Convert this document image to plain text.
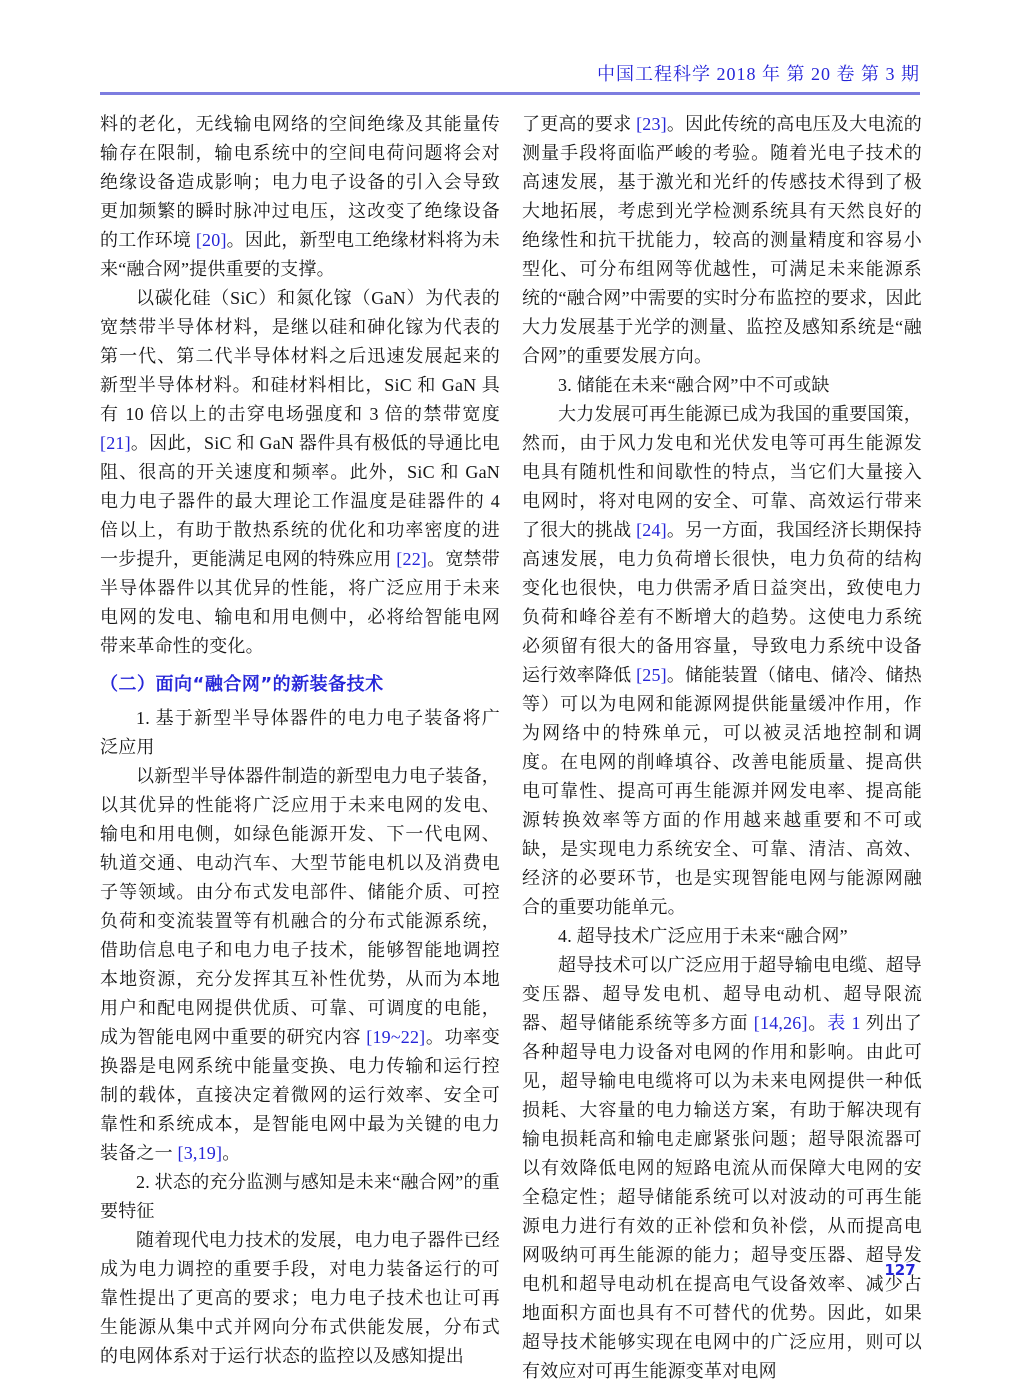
中国工程科学 2018 年 第 20 卷 第 3 期

料的老化，无线输电网络的空间绝缘及其能量传输存在限制，输电系统中的空间电荷问题将会对绝缘设备造成影响；电力电子设备的引入会导致更加频繁的瞬时脉冲过电压，这改变了绝缘设备的工作环境 [20]。因此，新型电工绝缘材料将为未来“融合网”提供重要的支撑。

以碳化硅（SiC）和氮化镓（GaN）为代表的宽禁带半导体材料，是继以硅和砷化镓为代表的第一代、第二代半导体材料之后迅速发展起来的新型半导体材料。和硅材料相比，SiC 和 GaN 具有 10 倍以上的击穿电场强度和 3 倍的禁带宽度 [21]。因此，SiC 和 GaN 器件具有极低的导通比电阻、很高的开关速度和频率。此外，SiC 和 GaN 电力电子器件的最大理论工作温度是硅器件的 4 倍以上，有助于散热系统的优化和功率密度的进一步提升，更能满足电网的特殊应用 [22]。宽禁带半导体器件以其优异的性能，将广泛应用于未来电网的发电、输电和用电侧中，必将给智能电网带来革命性的变化。

（二）面向“融合网”的新装备技术

1. 基于新型半导体器件的电力电子装备将广泛应用

以新型半导体器件制造的新型电力电子装备，以其优异的性能将广泛应用于未来电网的发电、输电和用电侧，如绿色能源开发、下一代电网、轨道交通、电动汽车、大型节能电机以及消费电子等领域。由分布式发电部件、储能介质、可控负荷和变流装置等有机融合的分布式能源系统，借助信息电子和电力电子技术，能够智能地调控本地资源，充分发挥其互补性优势，从而为本地用户和配电网提供优质、可靠、可调度的电能，成为智能电网中重要的研究内容 [19~22]。功率变换器是电网系统中能量变换、电力传输和运行控制的载体，直接决定着微网的运行效率、安全可靠性和系统成本，是智能电网中最为关键的电力装备之一 [3,19]。

2. 状态的充分监测与感知是未来“融合网”的重要特征

随着现代电力技术的发展，电力电子器件已经成为电力调控的重要手段，对电力装备运行的可靠性提出了更高的要求；电力电子技术也让可再生能源从集中式并网向分布式供能发展，分布式的电网体系对于运行状态的监控以及感知提出

了更高的要求 [23]。因此传统的高电压及大电流的测量手段将面临严峻的考验。随着光电子技术的高速发展，基于激光和光纤的传感技术得到了极大地拓展，考虑到光学检测系统具有天然良好的绝缘性和抗干扰能力，较高的测量精度和容易小型化、可分布组网等优越性，可满足未来能源系统的“融合网”中需要的实时分布监控的要求，因此大力发展基于光学的测量、监控及感知系统是“融合网”的重要发展方向。

3. 储能在未来“融合网”中不可或缺

大力发展可再生能源已成为我国的重要国策，然而，由于风力发电和光伏发电等可再生能源发电具有随机性和间歇性的特点，当它们大量接入电网时，将对电网的安全、可靠、高效运行带来了很大的挑战 [24]。另一方面，我国经济长期保持高速发展，电力负荷增长很快，电力负荷的结构变化也很快，电力供需矛盾日益突出，致使电力负荷和峰谷差有不断增大的趋势。这使电力系统必须留有很大的备用容量，导致电力系统中设备运行效率降低 [25]。储能装置（储电、储冷、储热等）可以为电网和能源网提供能量缓冲作用，作为网络中的特殊单元，可以被灵活地控制和调度。在电网的削峰填谷、改善电能质量、提高供电可靠性、提高可再生能源并网发电率、提高能源转换效率等方面的作用越来越重要和不可或缺，是实现电力系统安全、可靠、清洁、高效、经济的必要环节，也是实现智能电网与能源网融合的重要功能单元。

4. 超导技术广泛应用于未来“融合网”

超导技术可以广泛应用于超导输电电缆、超导变压器、超导发电机、超导电动机、超导限流器、超导储能系统等多方面 [14,26]。表 1 列出了各种超导电力设备对电网的作用和影响。由此可见，超导输电电缆将可以为未来电网提供一种低损耗、大容量的电力输送方案，有助于解决现有输电损耗高和输电走廊紧张问题；超导限流器可以有效降低电网的短路电流从而保障大电网的安全稳定性；超导储能系统可以对波动的可再生能源电力进行有效的正补偿和负补偿，从而提高电网吸纳可再生能源的能力；超导变压器、超导发电机和超导电动机在提高电气设备效率、减少占地面积方面也具有不可替代的优势。因此，如果超导技术能够实现在电网中的广泛应用，则可以有效应对可再生能源变革对电网

127
